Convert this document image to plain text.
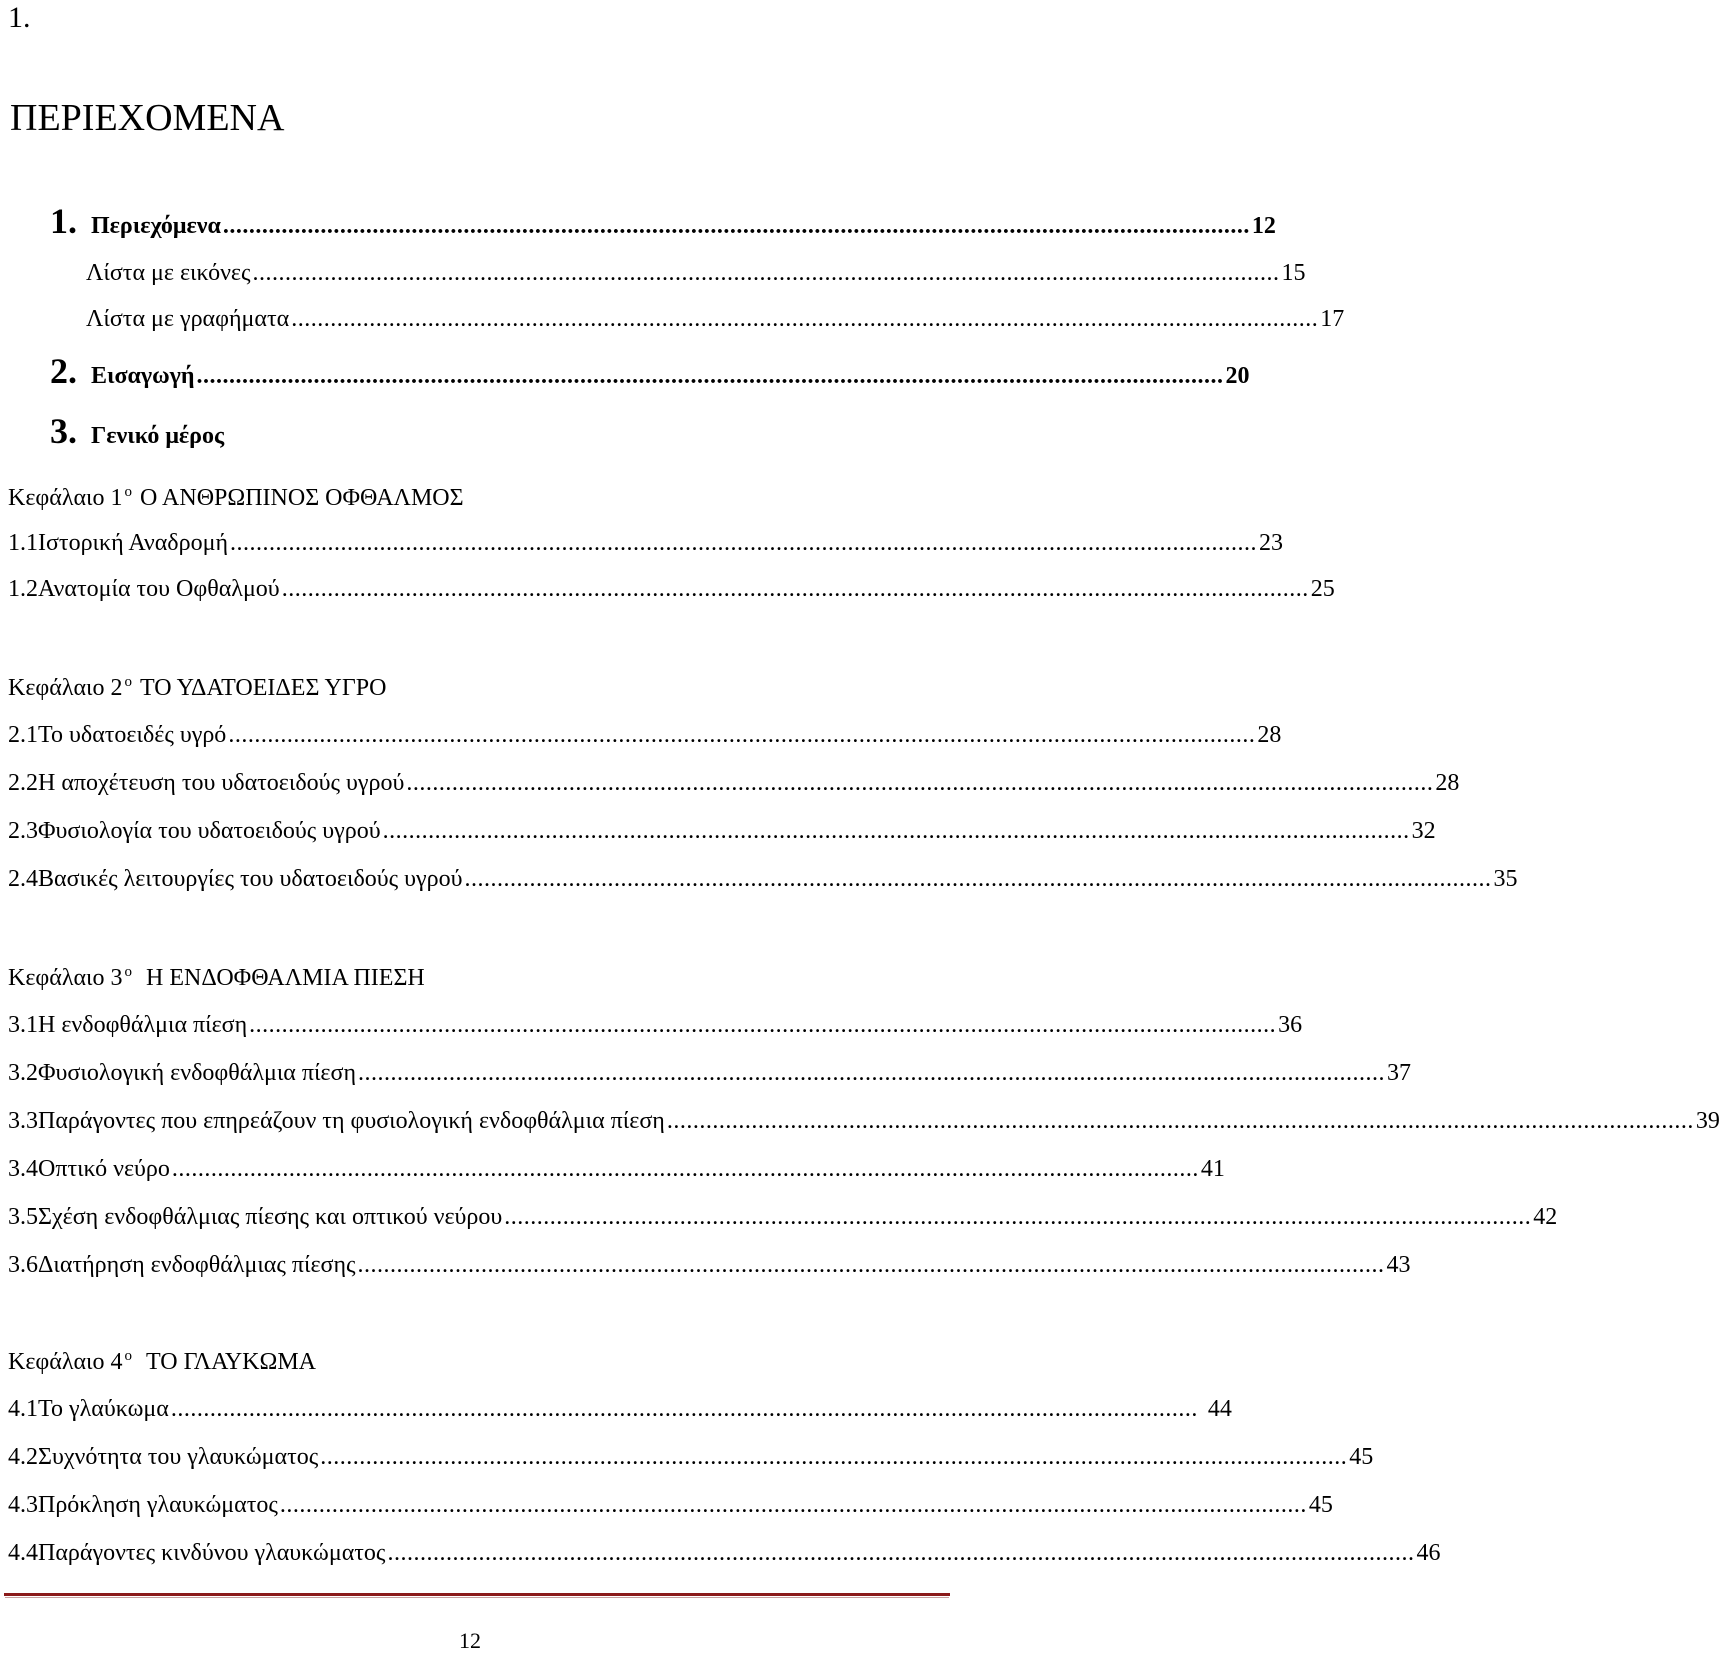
1.
ΠΕΡΙΕΧΟΜΕΝΑ
1. Περιεχόμενα .............................................................................................................................................................. 12
Λίστα με εικόνες .............................................................................................................................................................. 15
Λίστα με γραφήματα .............................................................................................................................................................. 17
2. Εισαγωγή .............................................................................................................................................................. 20
3. Γενικό μέρος
Κεφάλαιο 1 $^o$ Ο ΑΝΘΡΩΠΙΝΟΣ ΟΦΘΑΛΜΟΣ
1.1 Ιστορική Αναδρομή .............................................................................................................................................................. 23
1.2 Ανατομία του Οφθαλμού .............................................................................................................................................................. 25
Κεφάλαιο 2 $^o$ ΤΟ ΥΔΑΤΟΕΙΔΕΣ ΥΓΡΟ
2.1 Το υδατοειδές υγρό .............................................................................................................................................................. 28
2.2 Η αποχέτευση του υδατοειδούς υγρού .............................................................................................................................................................. 28
2.3 Φυσιολογία του υδατοειδούς υγρού .............................................................................................................................................................. 32
2.4 Βασικές λειτουργίες του υδατοειδούς υγρού .............................................................................................................................................................. 35
Κεφάλαιο 3 $^o$ Η ΕΝΔΟΦΘΑΛΜΙΑ ΠΙΕΣΗ
3.1 Η ενδοφθάλμια πίεση .............................................................................................................................................................. 36
3.2 Φυσιολογική ενδοφθάλμια πίεση .............................................................................................................................................................. 37
3.3 Παράγοντες που επηρεάζουν τη φυσιολογική ενδοφθάλμια πίεση .............................................................................................................................................................. 39
3.4 Οπτικό νεύρο .............................................................................................................................................................. 41
3.5 Σχέση ενδοφθάλμιας πίεσης και οπτικού νεύρου .............................................................................................................................................................. 42
3.6 Διατήρηση ενδοφθάλμιας πίεσης .............................................................................................................................................................. 43
Κεφάλαιο 4 $^o$ ΤΟ ΓΛΑΥΚΩΜΑ
4.1 Το γλαύκωμα .............................................................................................................................................................. 44
4.2 Συχνότητα του γλαυκώματος .............................................................................................................................................................. 45
4.3 Πρόκληση γλαυκώματος .............................................................................................................................................................. 45
4.4 Παράγοντες κινδύνου γλαυκώματος .............................................................................................................................................................. 46
12
